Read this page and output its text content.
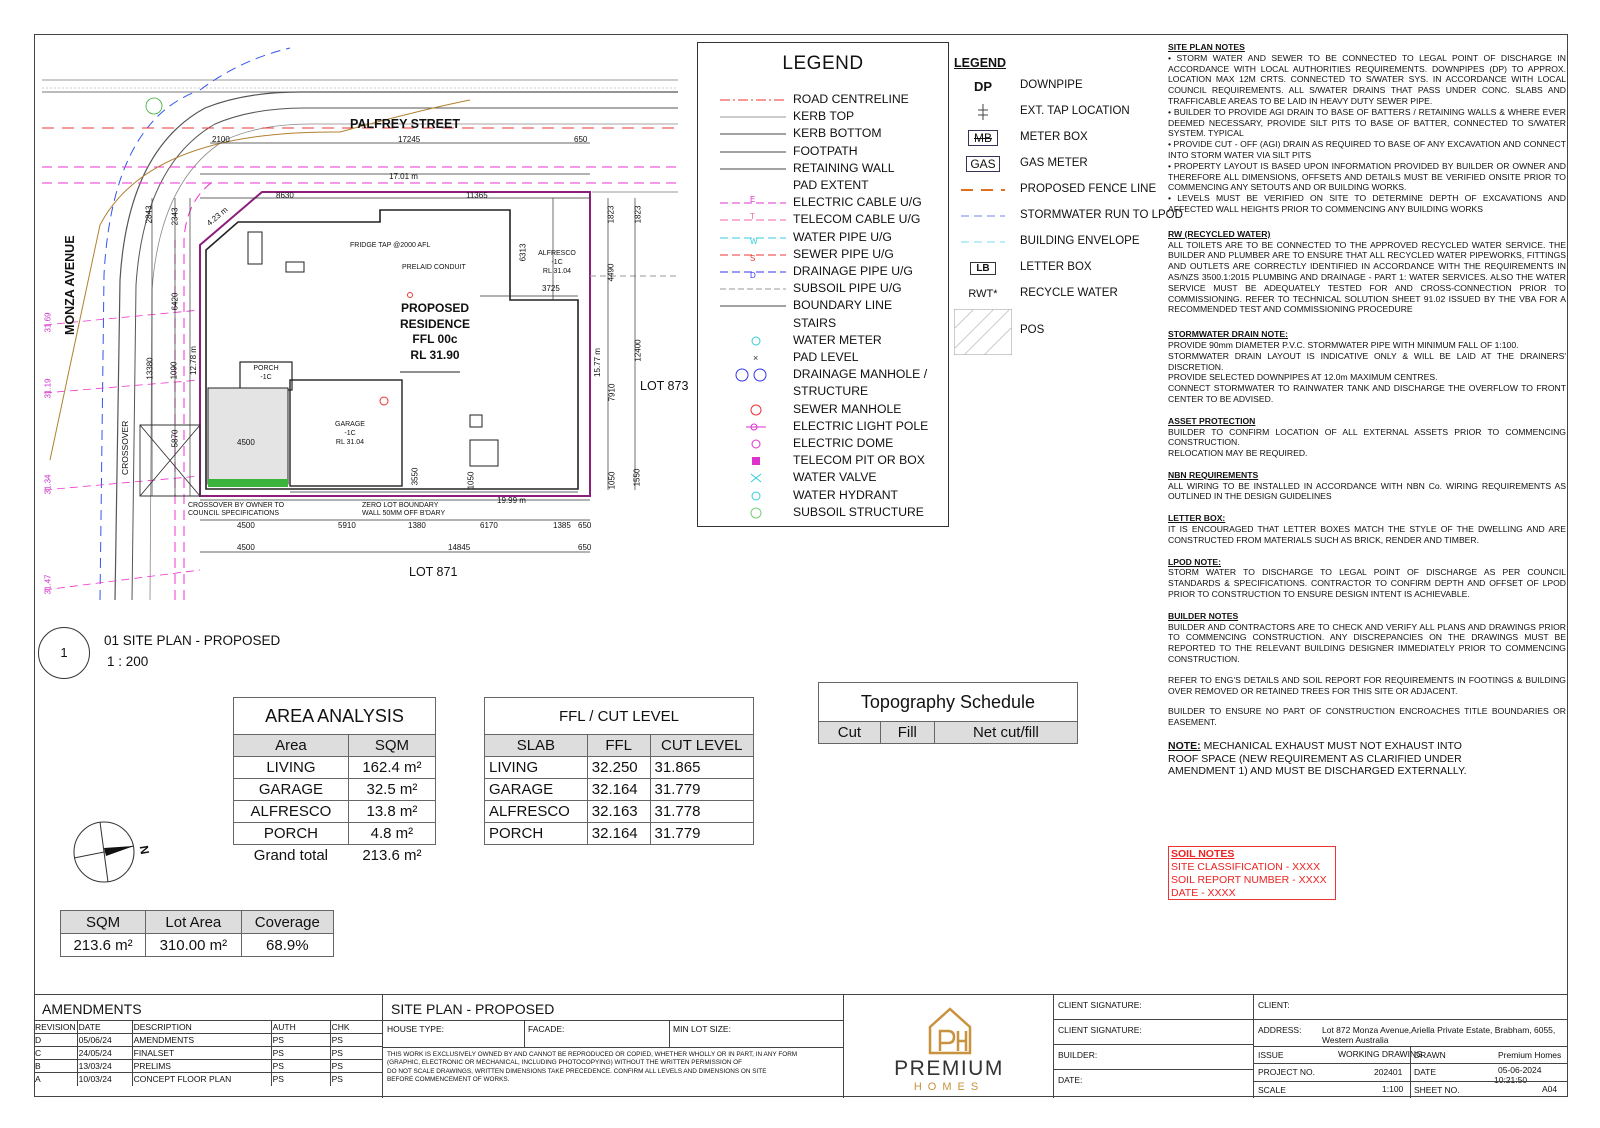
PALFREY STREET
MONZA AVENUE
CROSSOVER
LOT 873
LOT 871
PROPOSED
RESIDENCE
FFL 00c
RL 31.90
PORCH
-1C
GARAGE
-1C
RL 31.04
ALFRESCO
-1C
RL 31.04
FRIDGE TAP @2000 AFL
PRELAID CONDUIT
CROSSOVER BY OWNER TO
COUNCIL SPECIFICATIONS
ZERO LOT BOUNDARY
WALL 50MM OFF B'DARY
2100	17245	650
17.01 m
8630	11365
1823 1823
6313
3725
4490
15.77 m	12400
7910
6420
13380	12.78 m
1090
5870
2343
2843	4.23 m
4500
4500
4500
5910	1380	6170	1385 650
650
14845
19.99 m
3550	1050	1050 1550
31.69
31.19
31.34
31.47
1
01 SITE PLAN - PROPOSED
1 : 200
N
LEGEND
ROAD CENTRELINE
KERB TOP
KERB BOTTOM
FOOTPATH
RETAINING WALL
PAD EXTENT
E	ELECTRIC CABLE U/G
T	TELECOM CABLE U/G
W	WATER PIPE U/G
S	SEWER PIPE U/G
D	DRAINAGE PIPE U/G
SUBSOIL PIPE U/G
BOUNDARY LINE
STAIRS
WATER METER
×	PAD LEVEL
DRAINAGE MANHOLE /
STRUCTURE
SEWER MANHOLE
ELECTRIC LIGHT POLE
ELECTRIC DOME
TELECOM PIT OR BOX
WATER VALVE
WATER HYDRANT
SUBSOIL STRUCTURE
LEGEND
DP DOWNPIPE
EXT. TAP LOCATION
MB	METER BOX
GAS	GAS METER
PROPOSED FENCE LINE
STORMWATER RUN TO LPOD
BUILDING ENVELOPE
LB	LETTER BOX
RWT* RECYCLE WATER
POS
SITE PLAN NOTES

• STORM WATER AND SEWER TO BE CONNECTED TO LEGAL POINT OF DISCHARGE IN ACCORDANCE WITH LOCAL AUTHORITIES REQUIREMENTS. DOWNPIPES (DP) TO APPROX. LOCATION MAX 12M CRTS. CONNECTED TO S/WATER SYS. IN ACCORDANCE WITH LOCAL COUNCIL REQUIREMENTS. ALL S/WATER DRAINS THAT PASS UNDER CONC. SLABS AND TRAFFICABLE AREAS TO BE LAID IN HEAVY DUTY SEWER PIPE.

• BUILDER TO PROVIDE AGI DRAIN TO BASE OF BATTERS / RETAINING WALLS & WHERE EVER DEEMED NECESSARY, PROVIDE SILT PITS TO BASE OF BATTER, CONNECTED TO S/WATER SYSTEM. TYPICAL

• PROVIDE CUT - OFF (AGI) DRAIN AS REQUIRED TO BASE OF ANY EXCAVATION AND CONNECT INTO STORM WATER VIA SILT PITS

• PROPERTY LAYOUT IS BASED UPON INFORMATION PROVIDED BY BUILDER OR OWNER AND THEREFORE ALL DIMENSIONS, OFFSETS AND DETAILS MUST BE VERIFIED ONSITE PRIOR TO COMMENCING ANY SETOUTS AND OR BUILDING WORKS.

• LEVELS MUST BE VERIFIED ON SITE TO DETERMINE DEPTH OF EXCAVATIONS AND AFFECTED WALL HEIGHTS PRIOR TO COMMENCING ANY BUILDING WORKS

RW (RECYCLED WATER)

ALL TOILETS ARE TO BE CONNECTED TO THE APPROVED RECYCLED WATER SERVICE. THE BUILDER AND PLUMBER ARE TO ENSURE THAT ALL RECYCLED WATER PIPEWORKS, FITTINGS AND OUTLETS ARE CORRECTLY IDENTIFIED IN ACCORDANCE WITH THE REQUIREMENTS IN AS/NZS 3500.1:2015 PLUMBING AND DRAINAGE - PART 1: WATER SERVICES. ALSO THE WATER SERVICE MUST BE ADEQUATELY TESTED FOR AND CROSS-CONNECTION PRIOR TO COMMISSIONING. REFER TO TECHNICAL SOLUTION SHEET 91.02 ISSUED BY THE VBA FOR A RECOMMENDED TEST AND COMMISSIONING PROCEDURE

STORMWATER DRAIN NOTE:

PROVIDE 90mm DIAMETER P.V.C. STORMWATER PIPE WITH MINIMUM FALL OF 1:100.

STORMWATER DRAIN LAYOUT IS INDICATIVE ONLY & WILL BE LAID AT THE DRAINERS' DISCRETION.

PROVIDE SELECTED DOWNPIPES AT 12.0m MAXIMUM CENTRES.

CONNECT STORMWATER TO RAINWATER TANK AND DISCHARGE THE OVERFLOW TO FRONT CENTER TO BE ADVISED.

ASSET PROTECTION

BUILDER TO CONFIRM LOCATION OF ALL EXTERNAL ASSETS PRIOR TO COMMENCING CONSTRUCTION.

RELOCATION MAY BE REQUIRED.

NBN REQUIREMENTS

ALL WIRING TO BE INSTALLED IN ACCORDANCE WITH NBN Co. WIRING REQUIREMENTS AS OUTLINED IN THE DESIGN GUIDELINES

LETTER BOX:

IT IS ENCOURAGED THAT LETTER BOXES MATCH THE STYLE OF THE DWELLING AND ARE CONSTRUCTED FROM MATERIALS SUCH AS BRICK, RENDER AND TIMBER.

LPOD NOTE:

STORM WATER TO DISCHARGE TO LEGAL POINT OF DISCHARGE AS PER COUNCIL STANDARDS & SPECIFICATIONS. CONTRACTOR TO CONFIRM DEPTH AND OFFSET OF LPOD PRIOR TO CONSTRUCTION TO ENSURE DESIGN INTENT IS ACHIEVABLE.

BUILDER NOTES

BUILDER AND CONTRACTORS ARE TO CHECK AND VERIFY ALL PLANS AND DRAWINGS PRIOR TO COMMENCING CONSTRUCTION. ANY DISCREPANCIES ON THE DRAWINGS MUST BE REPORTED TO THE RELEVANT BUILDING DESIGNER IMMEDIATELY PRIOR TO COMMENCING CONSTRUCTION.

REFER TO ENG'S DETAILS AND SOIL REPORT FOR REQUIREMENTS IN FOOTINGS & BUILDING OVER REMOVED OR RETAINED TREES FOR THIS SITE OR ADJACENT.

BUILDER TO ENSURE NO PART OF CONSTRUCTION ENCROACHES TITLE BOUNDARIES OR EASEMENT.

NOTE: MECHANICAL EXHAUST MUST NOT EXHAUST INTO ROOF SPACE (NEW REQUIREMENT AS CLARIFIED UNDER AMENDMENT 1) AND MUST BE DISCHARGED EXTERNALLY.

SOIL NOTES
SITE CLASSIFICATION - XXXX
SOIL REPORT NUMBER - XXXX
DATE - XXXX
AREA ANALYSIS	
Area	SQM
LIVING	162.4 m²
GARAGE	32.5 m²
ALFRESCO	13.8 m²
PORCH	4.8 m²
Grand total	213.6 m²
FFL / CUT LEVEL		
SLAB	FFL	CUT LEVEL
LIVING	32.250	31.865
GARAGE	32.164	31.779
ALFRESCO	32.163	31.778
PORCH	32.164	31.779
Topography Schedule
Cut	Fill	Net cut/fill
SQM	Lot Area	Coverage
213.6 m²	310.00 m²	68.9%
AMENDMENTS
REVISION	DATE	DESCRIPTION	AUTH	CHK
D	05/06/24	AMENDMENTS	PS	PS
C	24/05/24	FINALSET	PS	PS
B	13/03/24	PRELIMS	PS	PS
A	10/03/24	CONCEPT FLOOR PLAN	PS	PS
SITE PLAN - PROPOSED
HOUSE TYPE:	FACADE:	MIN LOT SIZE:
THIS WORK IS EXCLUSIVELY OWNED BY AND CANNOT BE REPRODUCED OR COPIED, WHETHER WHOLLY OR IN PART, IN ANY FORM (GRAPHIC, ELECTRONIC OR MECHANICAL, INCLUDING PHOTOCOPYING) WITHOUT THE WRITTEN PERMISSION OF
DO NOT SCALE DRAWINGS, WRITTEN DIMENSIONS TAKE PRECEDENCE. CONFIRM ALL LEVELS AND DIMENSIONS ON SITE BEFORE COMMENCEMENT OF WORKS.	PREMIUM
HOMES
CLIENT SIGNATURE:
CLIENT SIGNATURE:
BUILDER:
DATE:
CLIENT:
ADDRESS: Lot 872 Monza Avenue,Ariella Private Estate, Brabham, 6055, Western Australia
ISSUE	WORKING DRAWING
DRAWN	Premium Homes
PROJECT NO.	202401 DATE	05-06-2024
10:21:50
SCALE	1:100 SHEET NO.	A04
